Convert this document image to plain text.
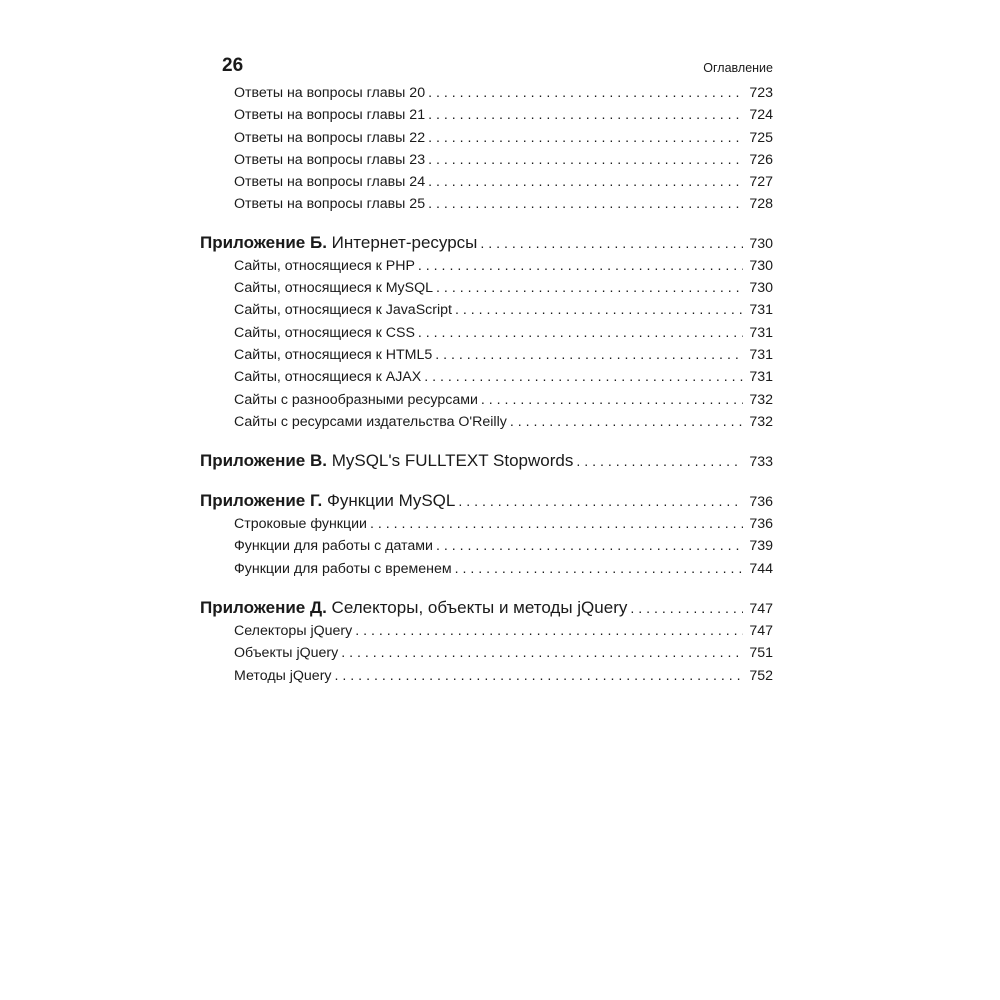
26	Оглавление
Ответы на вопросы главы 20 . . .	723
Ответы на вопросы главы 21 . . .	724
Ответы на вопросы главы 22 . . .	725
Ответы на вопросы главы 23 . . .	726
Ответы на вопросы главы 24 . . .	727
Ответы на вопросы главы 25 . . .	728
Приложение Б. Интернет-ресурсы . . .	730
Сайты, относящиеся к PHP . . .	730
Сайты, относящиеся к MySQL . . .	730
Сайты, относящиеся к JavaScript . . .	731
Сайты, относящиеся к CSS . . .	731
Сайты, относящиеся к HTML5 . . .	731
Сайты, относящиеся к AJAX . . .	731
Сайты с разнообразными ресурсами . . .	732
Сайты с ресурсами издательства O'Reilly . . .	732
Приложение В. MySQL's FULLTEXT Stopwords . . .	733
Приложение Г. Функции MySQL . . .	736
Строковые функции . . .	736
Функции для работы с датами . . .	739
Функции для работы с временем . . .	744
Приложение Д. Селекторы, объекты и методы jQuery . . .	747
Селекторы jQuery . . .	747
Объекты jQuery . . .	751
Методы jQuery . . .	752
